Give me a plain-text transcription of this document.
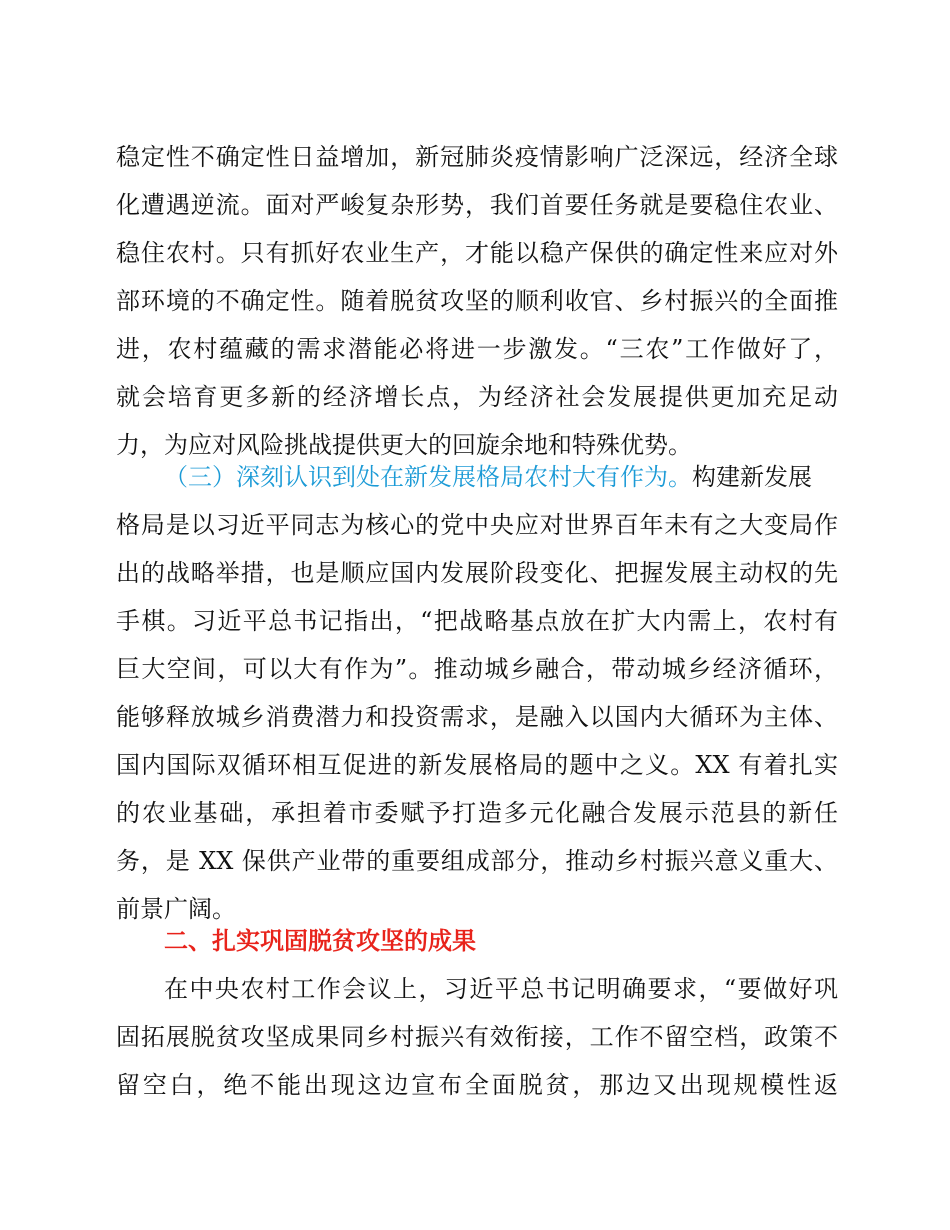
稳定性不确定性日益增加，新冠肺炎疫情影响广泛深远，经济全球
化遭遇逆流。面对严峻复杂形势，我们首要任务就是要稳住农业、
稳住农村。只有抓好农业生产，才能以稳产保供的确定性来应对外
部环境的不确定性。随着脱贫攻坚的顺利收官、乡村振兴的全面推
进，农村蕴藏的需求潜能必将进一步激发。“三农”工作做好了，
就会培育更多新的经济增长点，为经济社会发展提供更加充足动
力，为应对风险挑战提供更大的回旋余地和特殊优势。
（三）深刻认识到处在新发展格局农村大有作为。构建新发展
格局是以习近平同志为核心的党中央应对世界百年未有之大变局作
出的战略举措，也是顺应国内发展阶段变化、把握发展主动权的先
手棋。习近平总书记指出，“把战略基点放在扩大内需上，农村有
巨大空间，可以大有作为”。推动城乡融合，带动城乡经济循环，
能够释放城乡消费潜力和投资需求，是融入以国内大循环为主体、
国内国际双循环相互促进的新发展格局的题中之义。XX 有着扎实
的农业基础，承担着市委赋予打造多元化融合发展示范县的新任
务，是 XX 保供产业带的重要组成部分，推动乡村振兴意义重大、
前景广阔。
二、扎实巩固脱贫攻坚的成果
在中央农村工作会议上，习近平总书记明确要求，“要做好巩
固拓展脱贫攻坚成果同乡村振兴有效衔接，工作不留空档，政策不
留空白，绝不能出现这边宣布全面脱贫，那边又出现规模性返
